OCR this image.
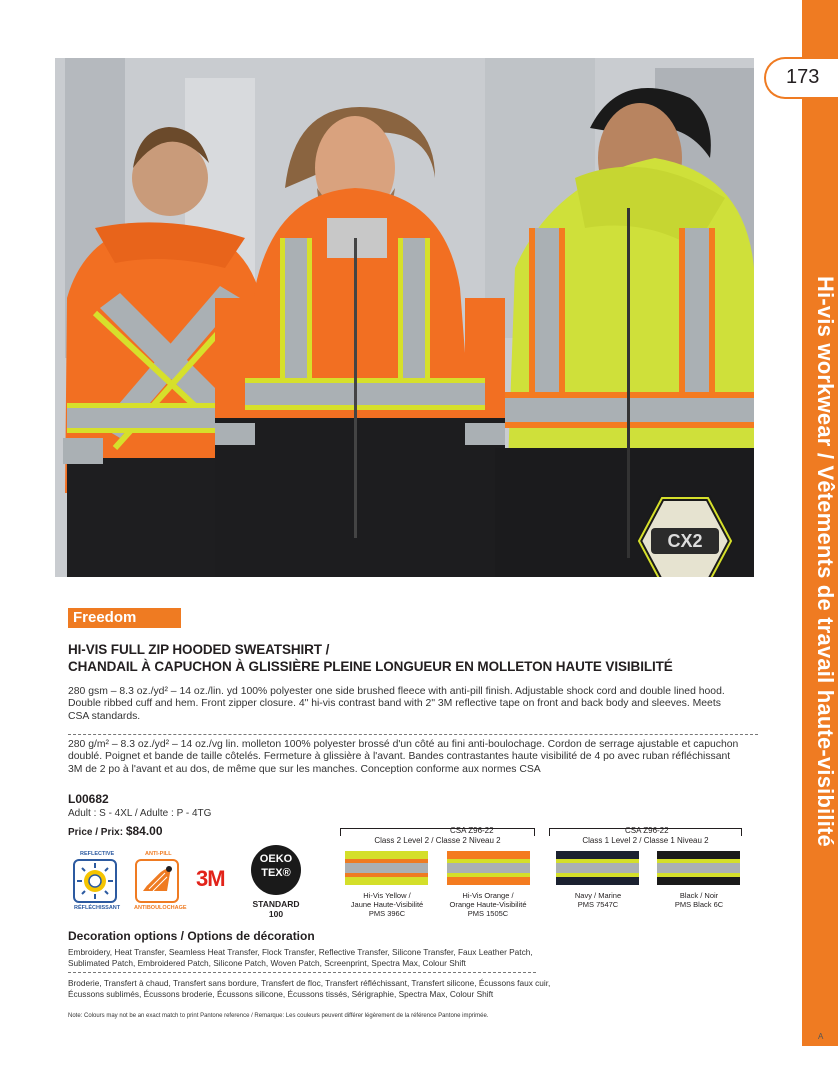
Hi-vis workwear / Vêtements de travail haute-visibilité
173
A
CX2
Freedom
HI-VIS FULL ZIP HOODED SWEATSHIRT /
CHANDAIL À CAPUCHON À GLISSIÈRE PLEINE LONGUEUR EN MOLLETON HAUTE VISIBILITÉ
280 gsm – 8.3 oz./yd² – 14 oz./lin. yd 100% polyester one side brushed fleece with anti-pill finish. Adjustable shock cord and double lined hood.
Double ribbed cuff and hem. Front zipper closure. 4" hi-vis contrast band with 2" 3M reflective tape on front and back body and sleeves. Meets
CSA standards.
280 g/m² – 8.3 oz./yd² – 14 oz./vg lin. molleton 100% polyester brossé d'un côté au fini anti-boulochage. Cordon de serrage ajustable et capuchon
doublé. Poignet et bande de taille côtelés. Fermeture à glissière à l'avant. Bandes contrastantes haute visibilité de 4 po avec ruban réfléchissant
3M de 2 po à l'avant et au dos, de même que sur les manches. Conception conforme aux normes CSA
L00682
Adult : S - 4XL / Adulte : P - 4TG
Price / Prix: $84.00
REFLECTIVE
RÉFLÉCHISSANT
ANTI-PILL
ANTIBOULOCHAGE
3M
OEKO
TEX®
STANDARD
100
CSA Z96-22
Class 2 Level 2 / Classe 2 Niveau 2
CSA Z96-22
Class 1 Level 2 / Classe 1 Niveau 2
Hi-Vis Yellow /
Jaune Haute-Visibilité
PMS 396C
Hi-Vis Orange /
Orange Haute-Visibilité
PMS 1505C
Navy / Marine
PMS 7547C
Black / Noir
PMS Black 6C
Decoration options / Options de décoration
Embroidery, Heat Transfer, Seamless Heat Transfer, Flock Transfer, Reflective Transfer, Silicone Transfer, Faux Leather Patch,
Sublimated Patch, Embroidered Patch, Silicone Patch, Woven Patch, Screenprint, Spectra Max, Colour Shift
Broderie, Transfert à chaud, Transfert sans bordure, Transfert de floc, Transfert réfléchissant, Transfert silicone, Écussons faux cuir,
Écussons sublimés, Écussons broderie, Écussons silicone, Écussons tissés, Sérigraphie, Spectra Max, Colour Shift
Note: Colours may not be an exact match to print Pantone reference / Remarque: Les couleurs peuvent différer légèrement de la référence Pantone imprimée.
